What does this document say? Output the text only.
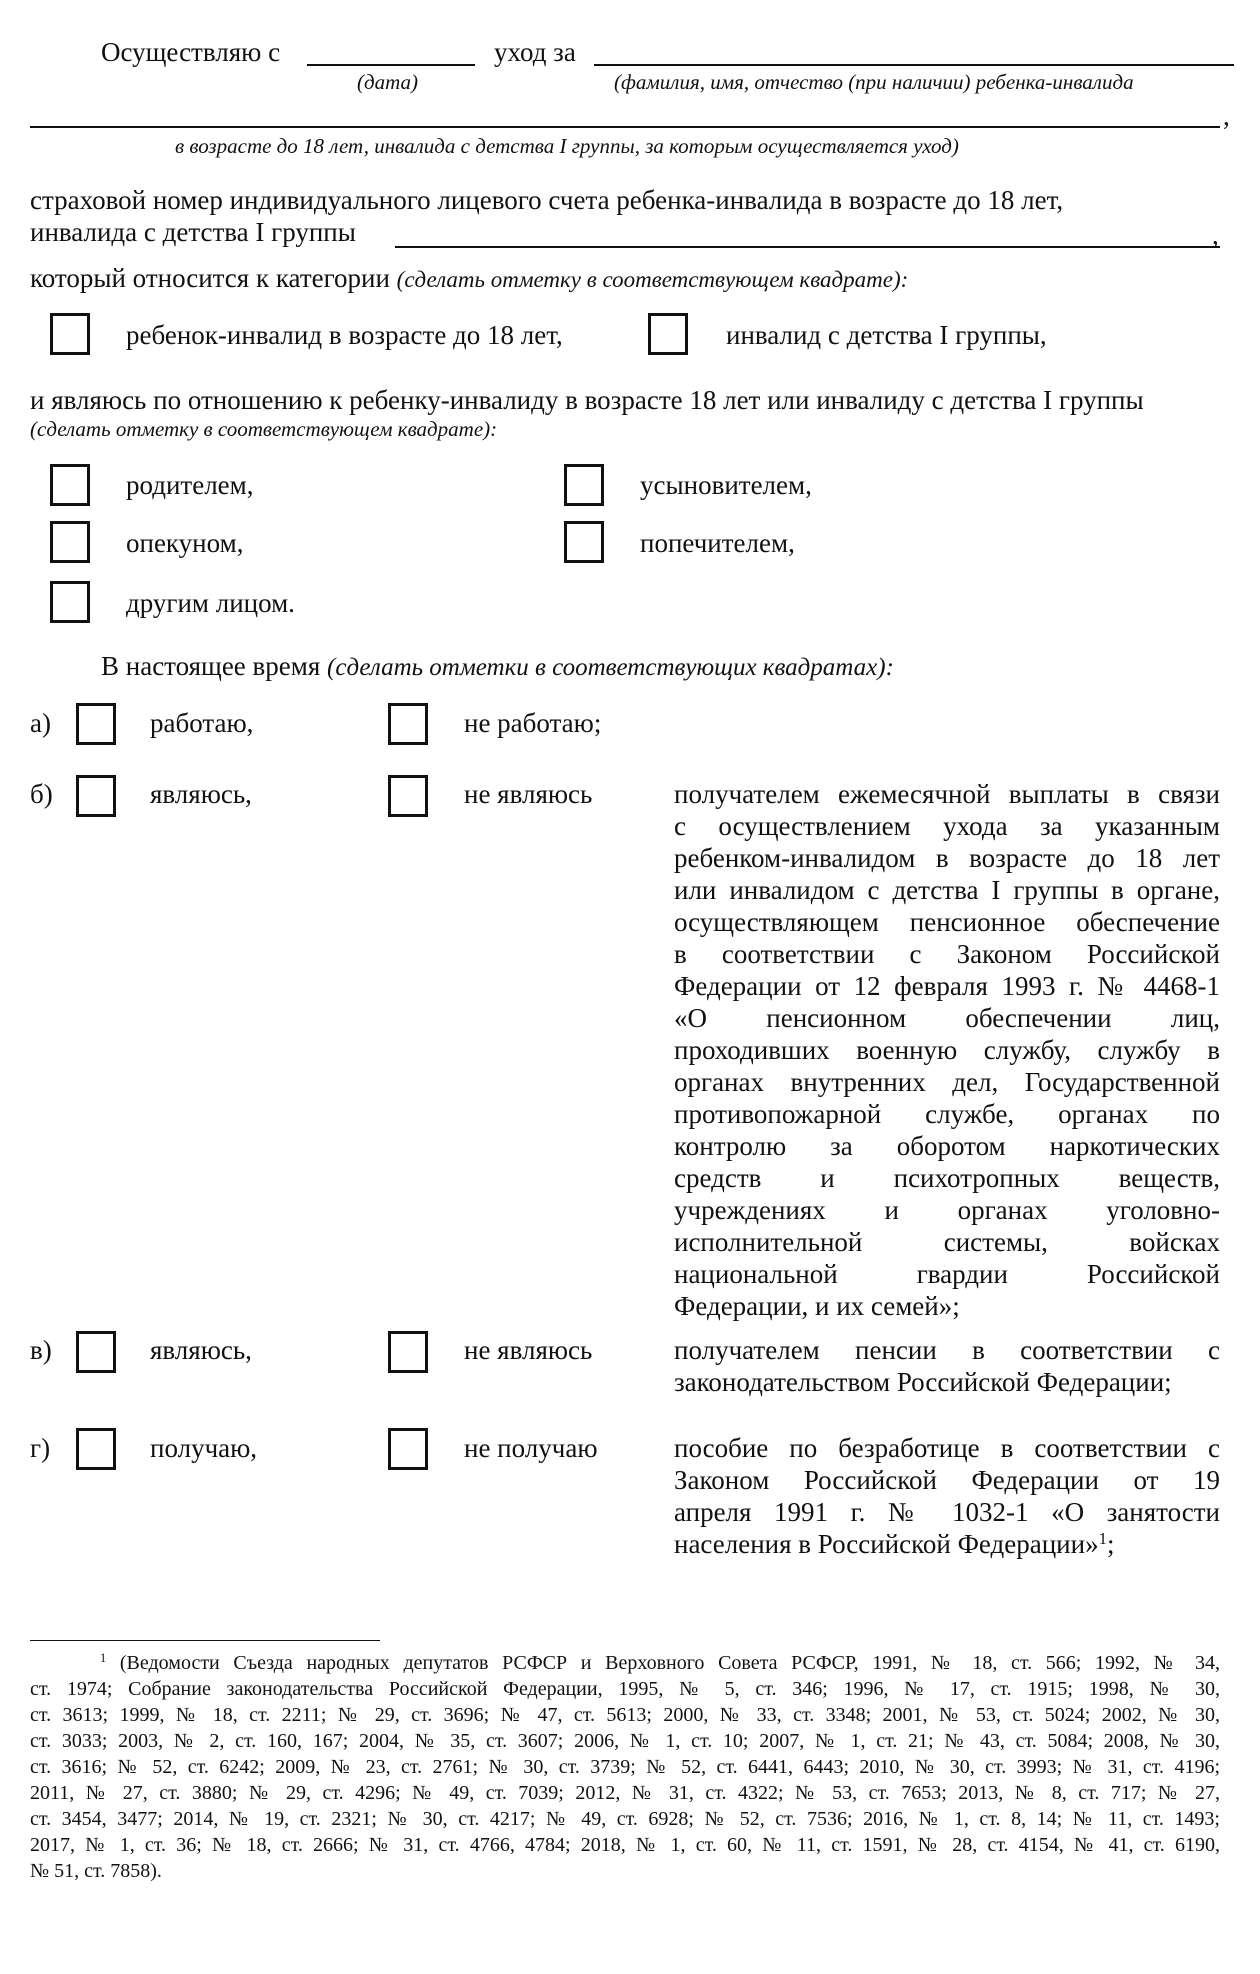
Осуществляю с	уход за
(дата)	(фамилия, имя, отчество (при наличии) ребенка-инвалида
,
в возрасте до 18 лет, инвалида с детства I группы, за которым осуществляется уход)
страховой номер индивидуального лицевого счета ребенка-инвалида в возрасте до 18 лет,
инвалида с детства I группы	,
который относится к категории (сделать отметку в соответствующем квадрате):
ребенок-инвалид в возрасте до 18 лет,	инвалид с детства I группы,
и являюсь по отношению к ребенку-инвалиду в возрасте 18 лет или инвалиду с детства I группы
(сделать отметку в соответствующем квадрате):
родителем,	усыновителем,
опекуном,	попечителем,
другим лицом.
В настоящее время (сделать отметки в соответствующих квадратах):
а)	работаю,	не работаю;
б)	являюсь,	не являюсь	получателем ежемесячной выплаты в связи
с осуществлением ухода за указанным
ребенком-инвалидом в возрасте до 18 лет
или инвалидом с детства I группы в органе,
осуществляющем пенсионное обеспечение
в соответствии с Законом Российской
Федерации от 12 февраля 1993 г. № 4468-1
«О пенсионном обеспечении лиц,
проходивших военную службу, службу в
органах внутренних дел, Государственной
противопожарной службе, органах по
контролю за оборотом наркотических
средств и психотропных веществ,
учреждениях и органах уголовно-
исполнительной системы, войсках
национальной гвардии Российской
Федерации, и их семей»;
в)	являюсь,	не являюсь	получателем пенсии в соответствии с
законодательством Российской Федерации;
г)	получаю,	не получаю	пособие по безработице в соответствии с
Законом Российской Федерации от 19
апреля 1991 г. № 1032-1 «О занятости
населения в Российской Федерации»$^1$;
$^1$ (Ведомости Съезда народных депутатов РСФСР и Верховного Совета РСФСР, 1991, № 18, ст. 566; 1992, № 34,
ст. 1974; Собрание законодательства Российской Федерации, 1995, № 5, ст. 346; 1996, № 17, ст. 1915; 1998, № 30,
ст. 3613; 1999, № 18, ст. 2211; № 29, ст. 3696; № 47, ст. 5613; 2000, № 33, ст. 3348; 2001, № 53, ст. 5024; 2002, № 30,
ст. 3033; 2003, № 2, ст. 160, 167; 2004, № 35, ст. 3607; 2006, № 1, ст. 10; 2007, № 1, ст. 21; № 43, ст. 5084; 2008, № 30,
ст. 3616; № 52, ст. 6242; 2009, № 23, ст. 2761; № 30, ст. 3739; № 52, ст. 6441, 6443; 2010, № 30, ст. 3993; № 31, ст. 4196;
2011, № 27, ст. 3880; № 29, ст. 4296; № 49, ст. 7039; 2012, № 31, ст. 4322; № 53, ст. 7653; 2013, № 8, ст. 717; № 27,
ст. 3454, 3477; 2014, № 19, ст. 2321; № 30, ст. 4217; № 49, ст. 6928; № 52, ст. 7536; 2016, № 1, ст. 8, 14; № 11, ст. 1493;
2017, № 1, ст. 36; № 18, ст. 2666; № 31, ст. 4766, 4784; 2018, № 1, ст. 60, № 11, ст. 1591, № 28, ст. 4154, № 41, ст. 6190,
№ 51, ст. 7858).
